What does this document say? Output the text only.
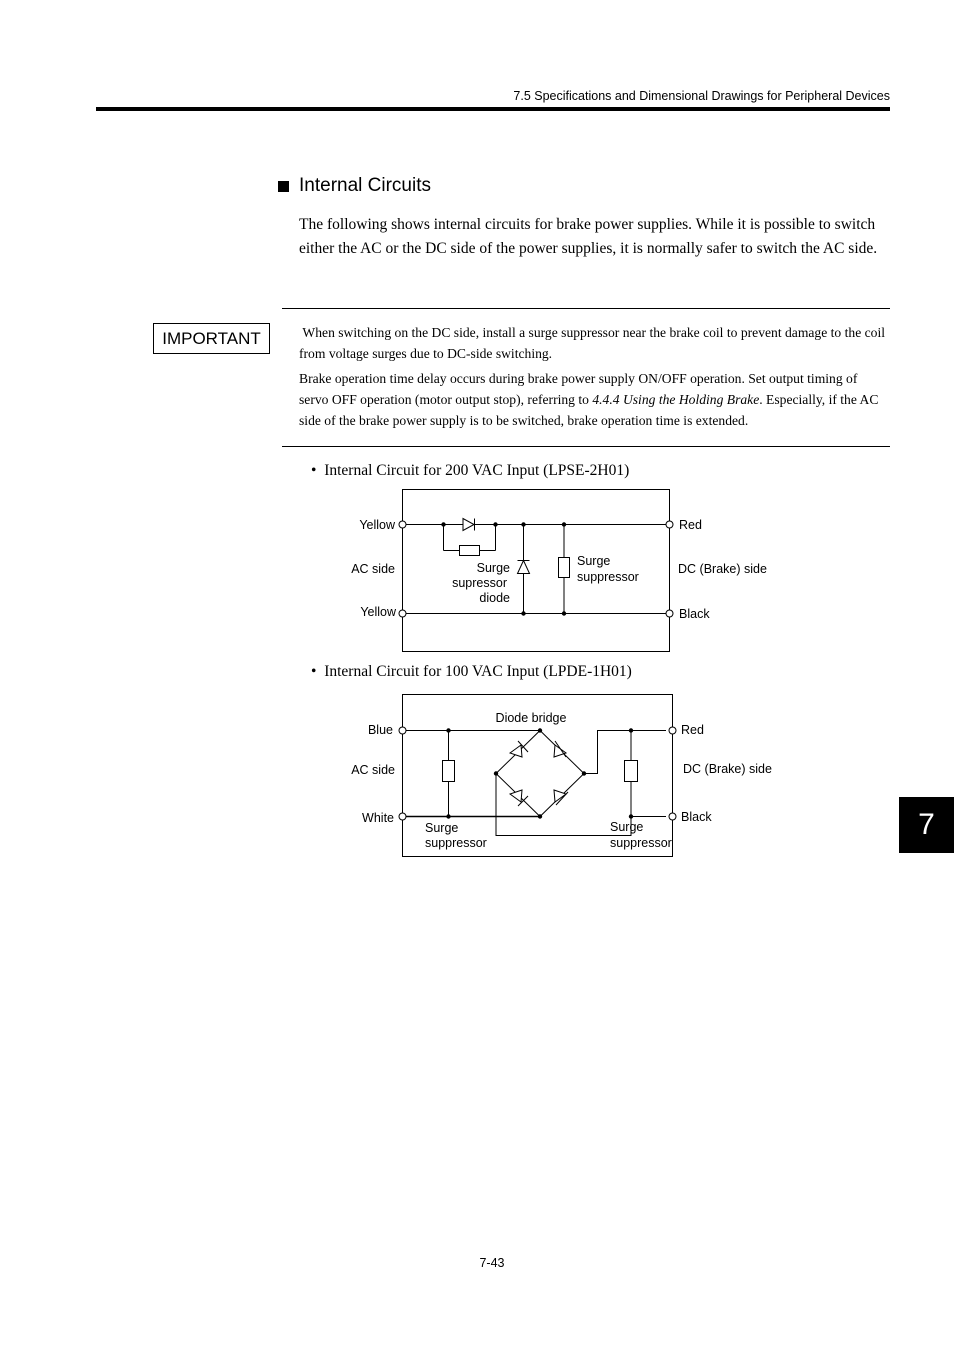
7.5 Specifications and Dimensional Drawings for Peripheral Devices
Internal Circuits
The following shows internal circuits for brake power supplies. While it is possible to switch either the AC or the DC side of the power supplies, it is normally safer to switch the AC side.
IMPORTANT	When switching on the DC side, install a surge suppressor near the brake coil to prevent damage to the coil from voltage surges due to DC-side switching.
Brake operation time delay occurs during brake power supply ON/OFF operation. Set output timing of servo OFF operation (motor output stop), referring to 4.4.4 Using the Holding Brake. Especially, if the AC side of the brake power supply is to be switched, brake operation time is extended.
•  Internal Circuit for 200 VAC Input (LPSE-2H01)
Yellow
AC side
Yellow
Red
DC (Brake) side
Black
Surge
supressor
diode
Surge
suppressor
Diode bridge
Blue
AC side
White
Red
DC (Brake) side
Black
Surge
suppressor
Surge
suppressor
•  Internal Circuit for 100 VAC Input (LPDE-1H01)
7
7-43
